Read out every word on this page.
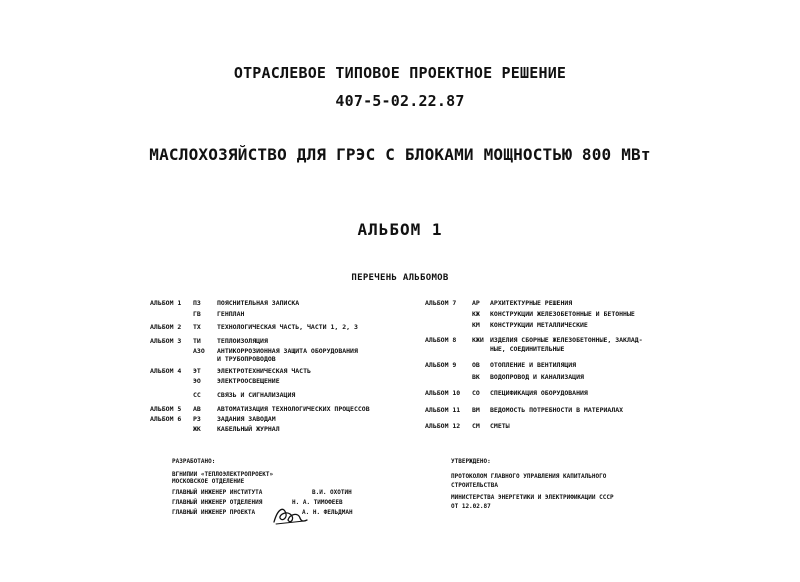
ОТРАСЛЕВОЕ ТИПОВОЕ ПРОЕКТНОЕ РЕШЕНИЕ
407-5-02.22.87
МАСЛОХОЗЯЙСТВО ДЛЯ ГРЭС С БЛОКАМИ МОЩНОСТЬЮ 800 МВт
АЛЬБОМ 1
ПЕРЕЧЕНЬ АЛЬБОМОВ
АЛЬБОМ 1	ПЗ	ПОЯСНИТЕЛЬНАЯ ЗАПИСКА
ГВ	ГЕНПЛАН
АЛЬБОМ 2	ТХ	ТЕХНОЛОГИЧЕСКАЯ ЧАСТЬ, ЧАСТИ 1, 2, 3
АЛЬБОМ 3	ТИ	ТЕПЛОИЗОЛЯЦИЯ
АЗО	АНТИКОРРОЗИОННАЯ ЗАЩИТА ОБОРУДОВАНИЯ
И ТРУБОПРОВОДОВ
АЛЬБОМ 4	ЭТ	ЭЛЕКТРОТЕХНИЧЕСКАЯ ЧАСТЬ
ЭО	ЭЛЕКТРООСВЕЩЕНИЕ
СС	СВЯЗЬ И СИГНАЛИЗАЦИЯ
АЛЬБОМ 5	АВ	АВТОМАТИЗАЦИЯ ТЕХНОЛОГИЧЕСКИХ ПРОЦЕССОВ
АЛЬБОМ 6	РЗ	ЗАДАНИЯ ЗАВОДАМ
ЖК	КАБЕЛЬНЫЙ ЖУРНАЛ
АЛЬБОМ 7	АР	АРХИТЕКТУРНЫЕ РЕШЕНИЯ
КЖ	КОНСТРУКЦИИ ЖЕЛЕЗОБЕТОННЫЕ И БЕТОННЫЕ
КМ	КОНСТРУКЦИИ МЕТАЛЛИЧЕСКИЕ
АЛЬБОМ 8	КЖИ ИЗДЕЛИЯ СБОРНЫЕ ЖЕЛЕЗОБЕТОННЫЕ, ЗАКЛАД-
НЫЕ, СОЕДИНИТЕЛЬНЫЕ
АЛЬБОМ 9	ОВ	ОТОПЛЕНИЕ И ВЕНТИЛЯЦИЯ
ВК	ВОДОПРОВОД И КАНАЛИЗАЦИЯ
АЛЬБОМ 10	СО	СПЕЦИФИКАЦИЯ ОБОРУДОВАНИЯ
АЛЬБОМ 11	ВМ	ВЕДОМОСТЬ ПОТРЕБНОСТИ В МАТЕРИАЛАХ
АЛЬБОМ 12	СМ	СМЕТЫ
РАЗРАБОТАНО:
ВГНИПИИ «ТЕПЛОЭЛЕКТРОПРОЕКТ»
МОСКОВСКОЕ ОТДЕЛЕНИЕ
ГЛАВНЫЙ ИНЖЕНЕР ИНСТИТУТА	В.И. ОХОТИН
ГЛАВНЫЙ ИНЖЕНЕР ОТДЕЛЕНИЯ	Н. А. ТИМОФЕЕВ
ГЛАВНЫЙ ИНЖЕНЕР ПРОЕКТА	А. Н. ФЕЛЬДМАН
УТВЕРЖДЕНО:
ПРОТОКОЛОМ ГЛАВНОГО УПРАВЛЕНИЯ КАПИТАЛЬНОГО
СТРОИТЕЛЬСТВА
МИНИСТЕРСТВА ЭНЕРГЕТИКИ И ЭЛЕКТРИФИКАЦИИ СССР
ОТ 12.02.87
